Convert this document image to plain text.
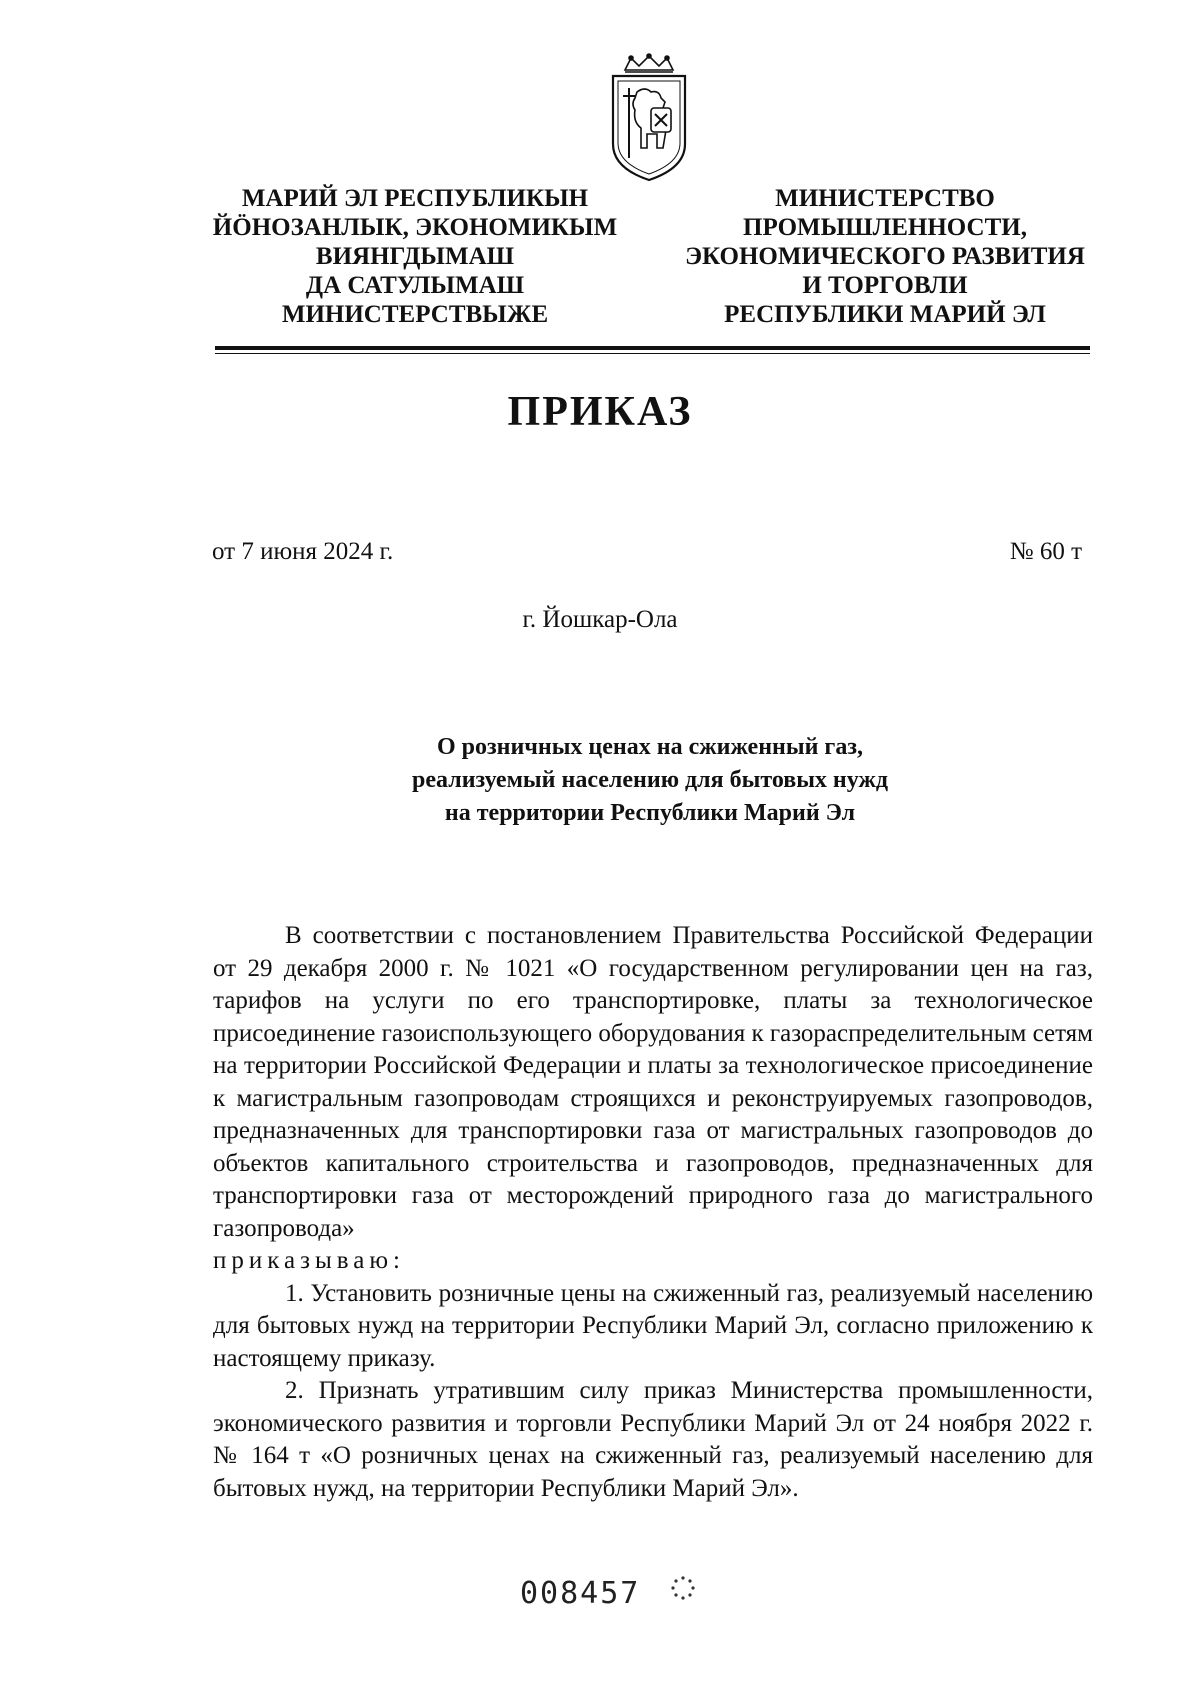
МАРИЙ ЭЛ РЕСПУБЛИКЫН
ЙӦНОЗАНЛЫК, ЭКОНОМИКЫМ
ВИЯНГДЫМАШ
ДА САТУЛЫМАШ
МИНИСТЕРСТВЫЖЕ
МИНИСТЕРСТВО
ПРОМЫШЛЕННОСТИ,
ЭКОНОМИЧЕСКОГО РАЗВИТИЯ
И ТОРГОВЛИ
РЕСПУБЛИКИ МАРИЙ ЭЛ
ПРИКАЗ
от 7 июня 2024 г.	№ 60 т
г. Йошкар-Ола
О розничных ценах на сжиженный газ,
реализуемый населению для бытовых нужд
на территории Республики Марий Эл

В соответствии с постановлением Правительства Российской Федерации от 29 декабря 2000 г. № 1021 «О государственном регулировании цен на газ, тарифов на услуги по его транспортировке, платы за технологическое присоединение газоиспользующего оборудования к газораспределительным сетям на территории Российской Федерации и платы за технологическое присоединение к магистральным газопроводам строящихся и реконструируемых газопроводов, предназначенных для транспортировки газа от магистральных газопроводов до объектов капитального строительства и газопроводов, предназначенных для транспортировки газа от месторождений природного газа до магистрального газопровода»
приказываю:

1. Установить розничные цены на сжиженный газ, реализуемый населению для бытовых нужд на территории Республики Марий Эл, согласно приложению к настоящему приказу.

2. Признать утратившим силу приказ Министерства промышленности, экономического развития и торговли Республики Марий Эл от 24 ноября 2022 г. № 164 т «О розничных ценах на сжиженный газ, реализуемый населению для бытовых нужд, на территории Республики Марий Эл».

008457
